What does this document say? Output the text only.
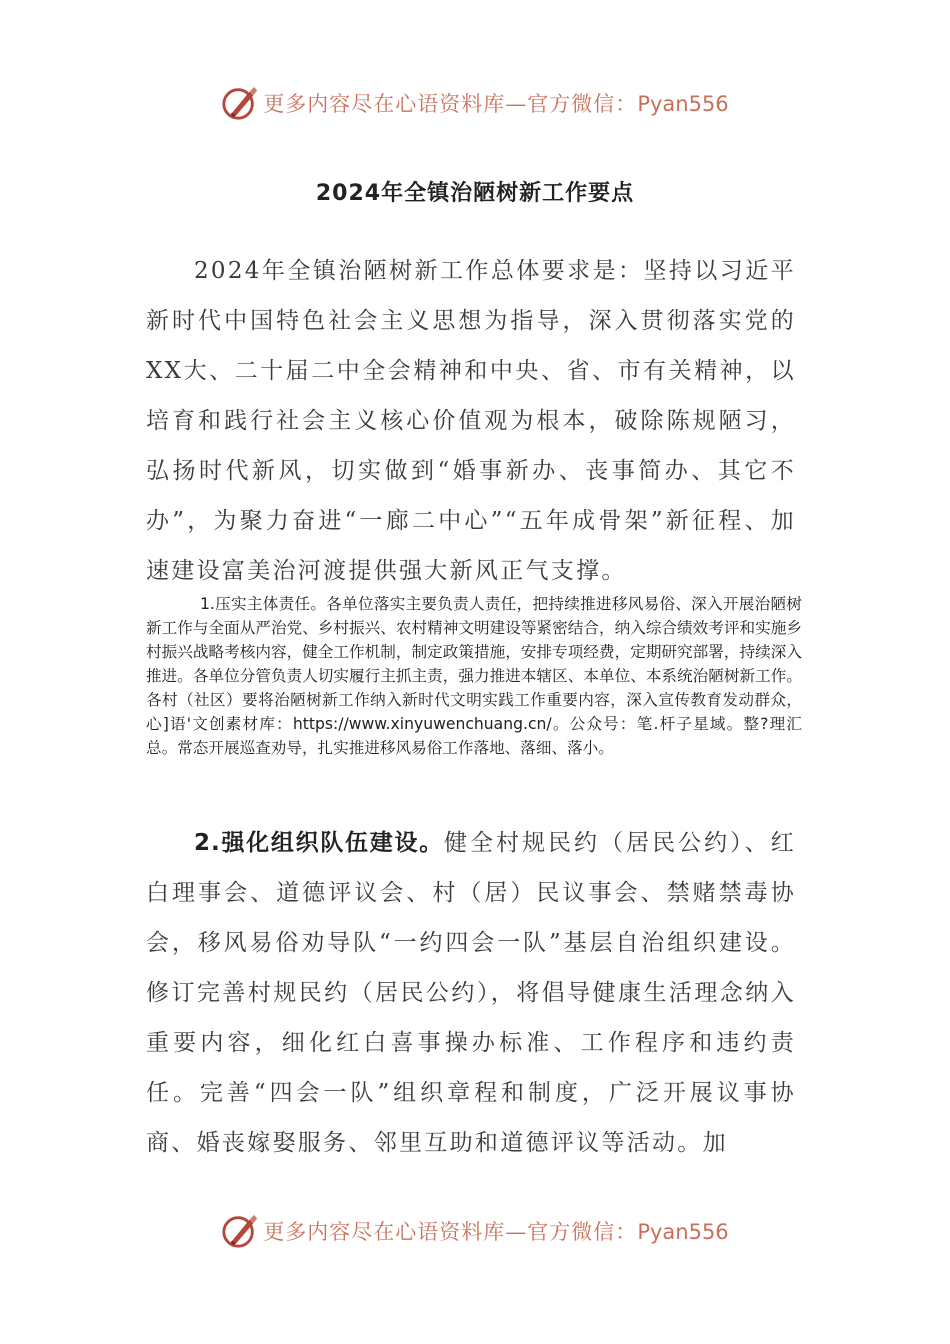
更多内容尽在心语资料库—官方微信：Pyan556
2024年全镇治陋树新工作要点

2024年全镇治陋树新工作总体要求是：坚持以习近平新时代中国特色社会主义思想为指导，深入贯彻落实党的XX大、二十届二中全会精神和中央、省、市有关精神，以培育和践行社会主义核心价值观为根本，破除陈规陋习，弘扬时代新风，切实做到“婚事新办、丧事简办、其它不办”，为聚力奋进“一廊二中心”“五年成骨架”新征程、加速建设富美治河渡提供强大新风正气支撑。

1.压实主体责任。各单位落实主要负责人责任，把持续推进移风易俗、深入开展治陋树新工作与全面从严治党、乡村振兴、农村精神文明建设等紧密结合，纳入综合绩效考评和实施乡村振兴战略考核内容，健全工作机制，制定政策措施，安排专项经费，定期研究部署，持续深入推进。各单位分管负责人切实履行主抓主责，强力推进本辖区、本单位、本系统治陋树新工作。各村（社区）要将治陋树新工作纳入新时代文明实践工作重要内容，深入宣传教育发动群众，心]语'文创素材库：https://www.xinyuwenchuang.cn/。公众号：笔.杆子星域。整?理汇总。常态开展巡查劝导，扎实推进移风易俗工作落地、落细、落小。

2.强化组织队伍建设。健全村规民约（居民公约）、红白理事会、道德评议会、村（居）民议事会、禁赌禁毒协会，移风易俗劝导队“一约四会一队”基层自治组织建设。修订完善村规民约（居民公约），将倡导健康生活理念纳入重要内容，细化红白喜事操办标准、工作程序和违约责任。完善“四会一队”组织章程和制度，广泛开展议事协商、婚丧嫁娶服务、邻里互助和道德评议等活动。加

更多内容尽在心语资料库—官方微信：Pyan556
